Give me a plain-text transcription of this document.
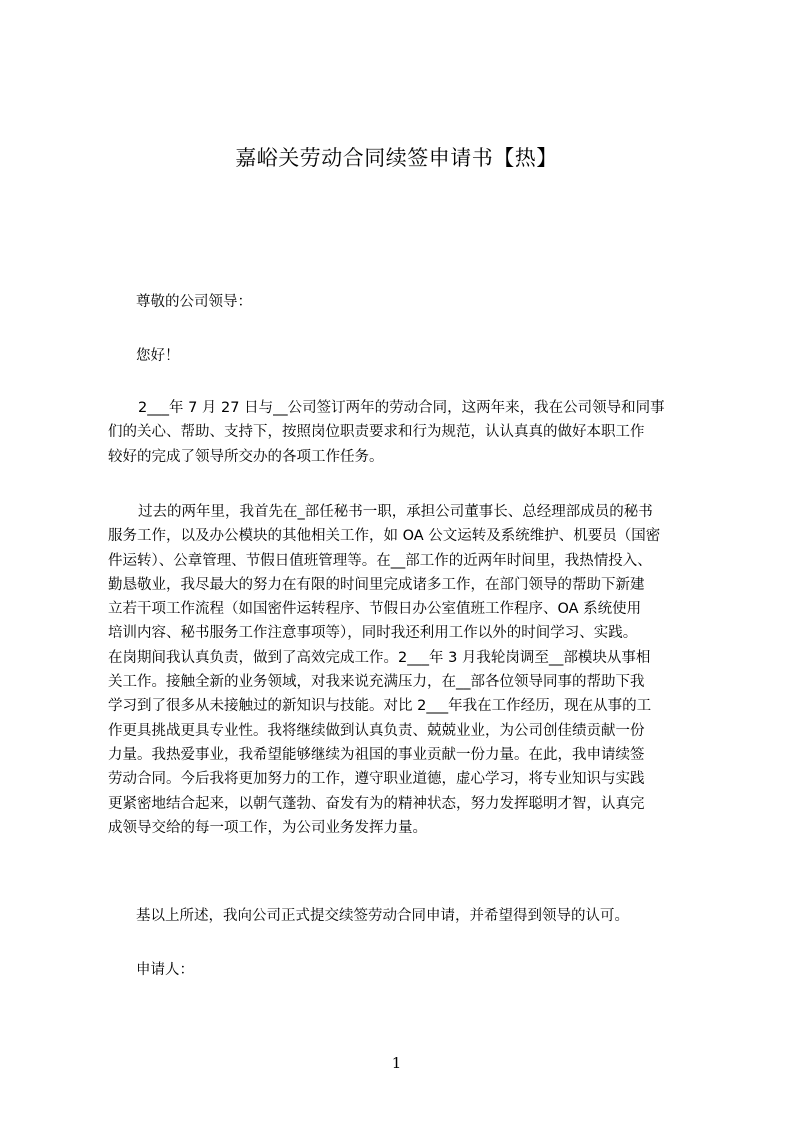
嘉峪关劳动合同续签申请书【热】

尊敬的公司领导：

您好！

2___年 7 月 27 日与__公司签订两年的劳动合同，这两年来，我在公司领导和同事
们的关心、帮助、支持下，按照岗位职责要求和行为规范，认认真真的做好本职工作
较好的完成了领导所交办的各项工作任务。
过去的两年里，我首先在_部任秘书一职，承担公司董事长、总经理部成员的秘书
服务工作，以及办公模块的其他相关工作，如 OA 公文运转及系统维护、机要员（国密
件运转）、公章管理、节假日值班管理等。在__部工作的近两年时间里，我热情投入、
勤恳敬业，我尽最大的努力在有限的时间里完成诸多工作，在部门领导的帮助下新建
立若干项工作流程（如国密件运转程序、节假日办公室值班工作程序、OA 系统使用
培训内容、秘书服务工作注意事项等），同时我还利用工作以外的时间学习、实践。
在岗期间我认真负责，做到了高效完成工作。2___年 3 月我轮岗调至__部模块从事相
关工作。接触全新的业务领域，对我来说充满压力，在__部各位领导同事的帮助下我
学习到了很多从未接触过的新知识与技能。对比 2___年我在工作经历，现在从事的工
作更具挑战更具专业性。我将继续做到认真负责、兢兢业业，为公司创佳绩贡献一份
力量。我热爱事业，我希望能够继续为祖国的事业贡献一份力量。在此，我申请续签
劳动合同。今后我将更加努力的工作，遵守职业道德，虚心学习，将专业知识与实践
更紧密地结合起来，以朝气蓬勃、奋发有为的精神状态，努力发挥聪明才智，认真完
成领导交给的每一项工作，为公司业务发挥力量。

基以上所述，我向公司正式提交续签劳动合同申请，并希望得到领导的认可。

申请人：

1
